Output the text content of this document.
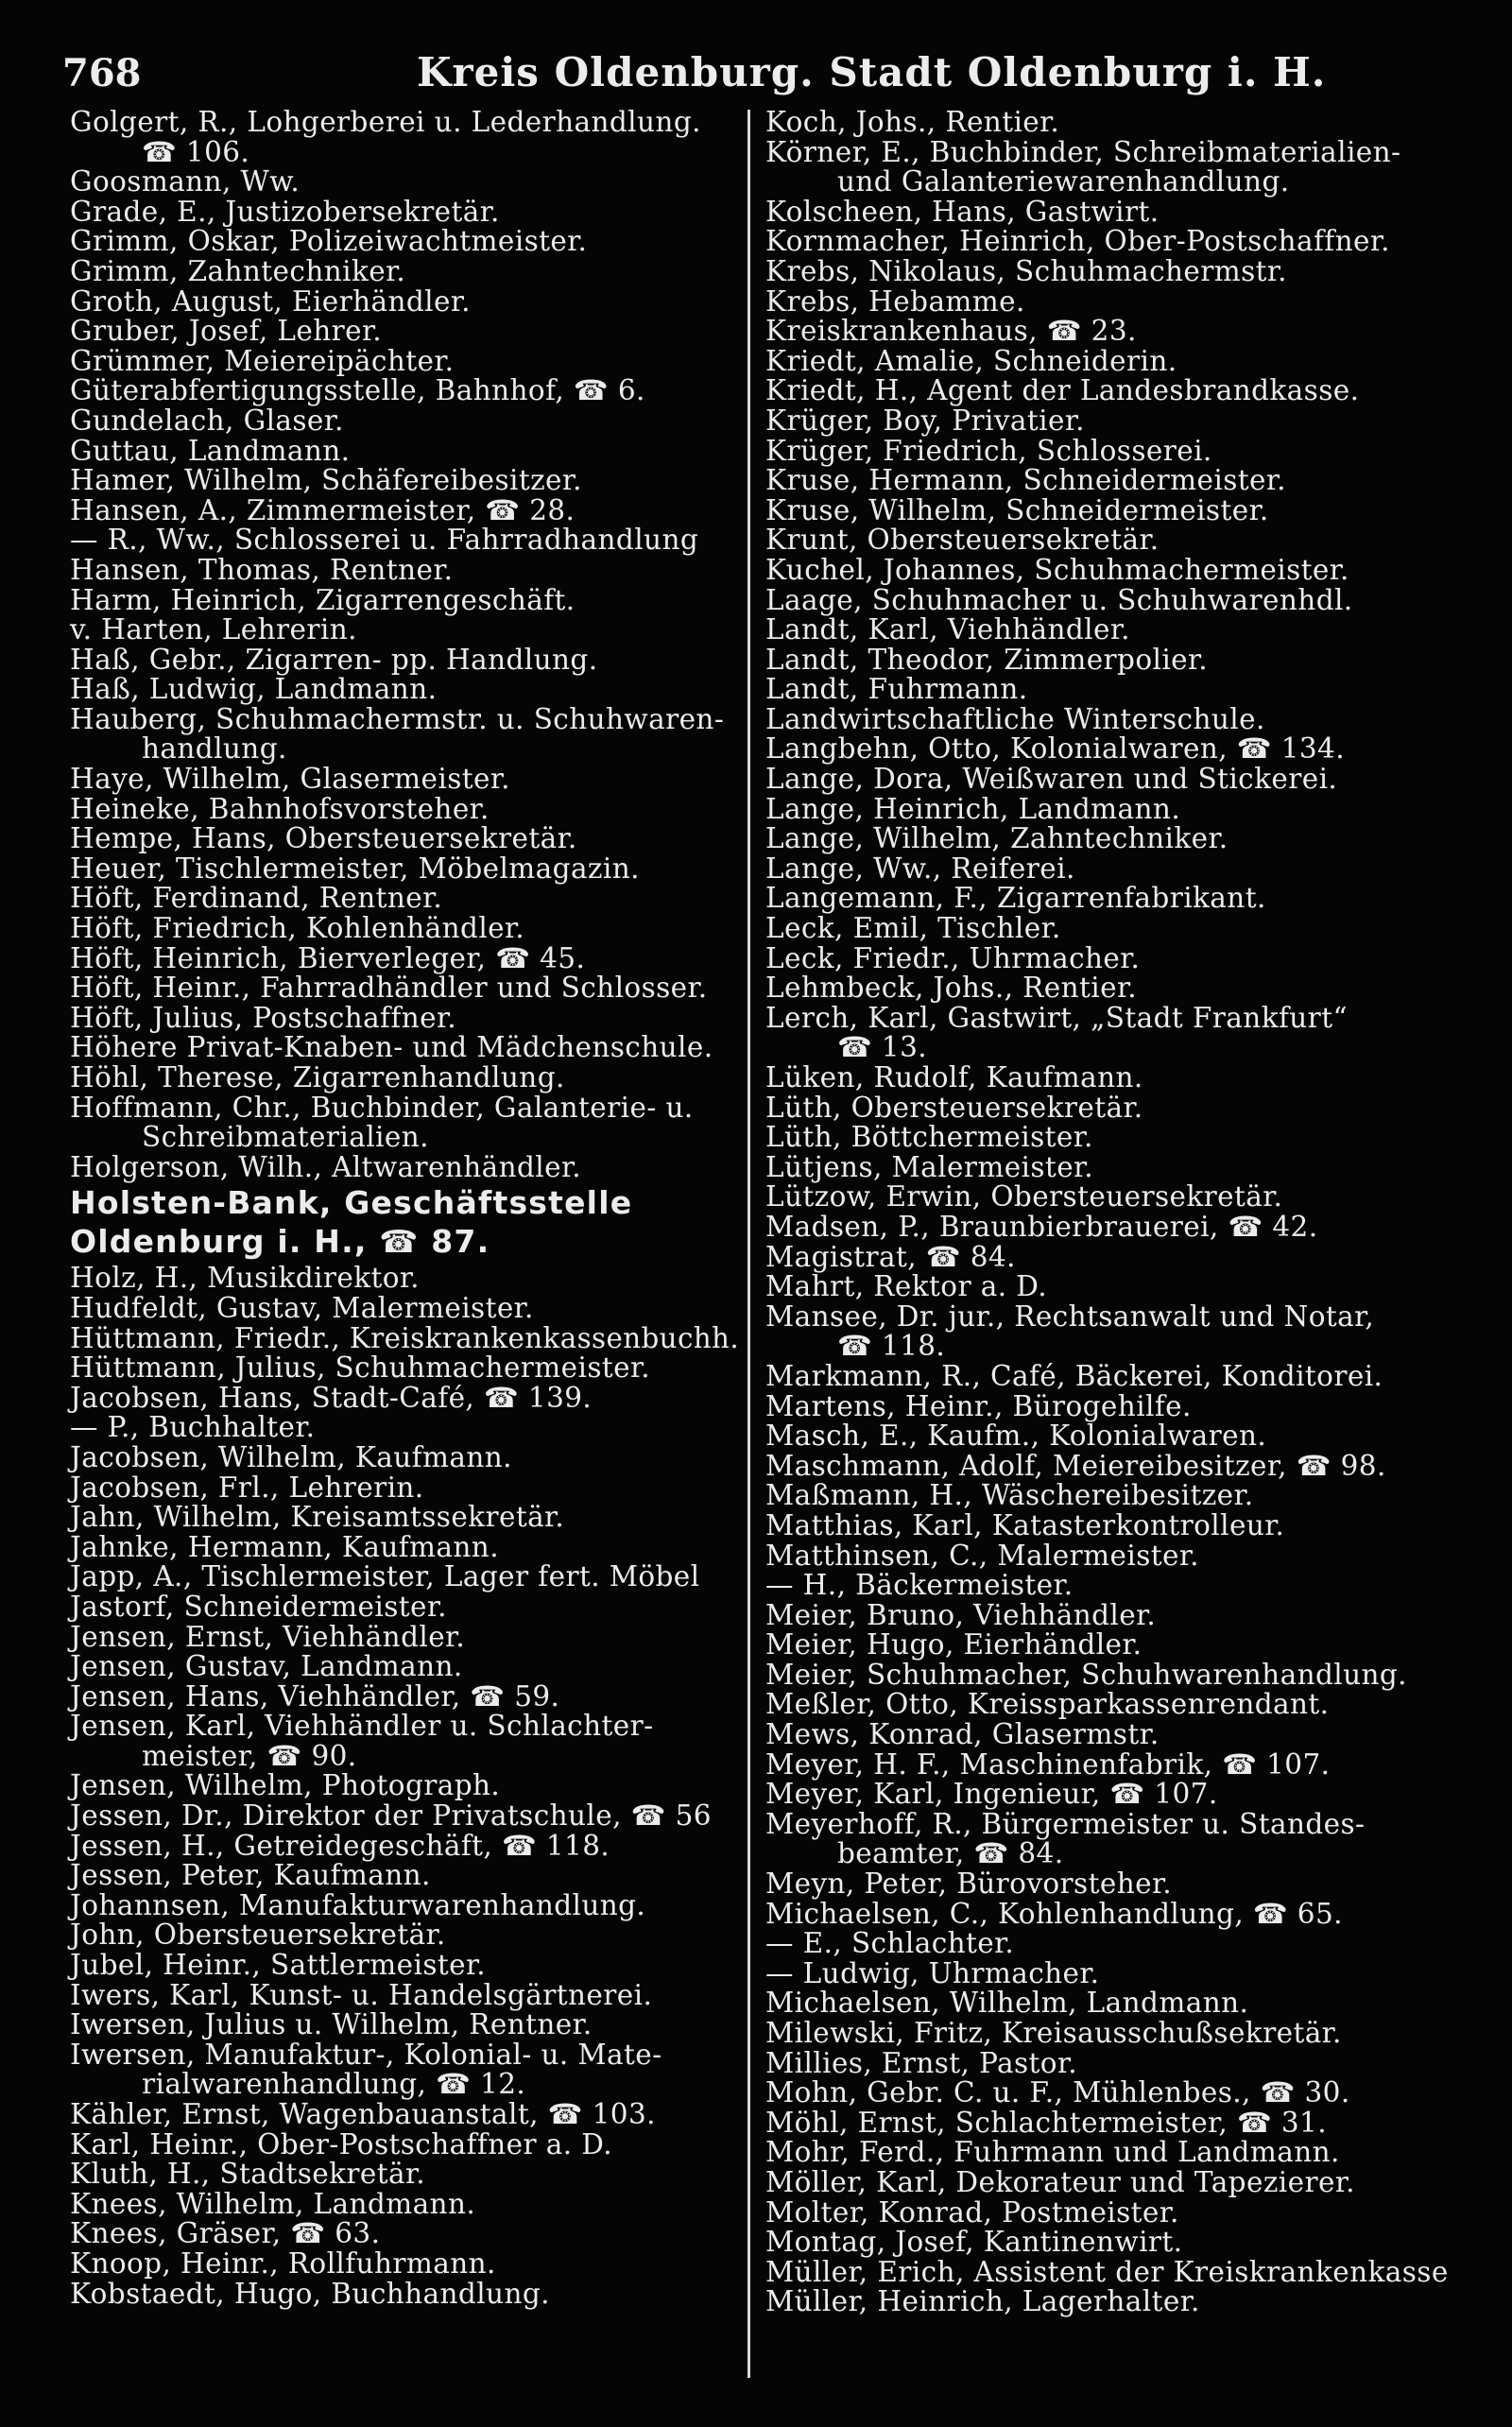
768	Kreis Oldenburg. Stadt Oldenburg i. H.
Golgert, R., Lohgerberei u. Lederhandlung.
☎ 106.
Goosmann, Ww.
Grade, E., Justizobersekretär.
Grimm, Oskar, Polizeiwachtmeister.
Grimm, Zahntechniker.
Groth, August, Eierhändler.
Gruber, Josef, Lehrer.
Grümmer, Meiereipächter.
Güterabfertigungsstelle, Bahnhof, ☎ 6.
Gundelach, Glaser.
Guttau, Landmann.
Hamer, Wilhelm, Schäfereibesitzer.
Hansen, A., Zimmermeister, ☎ 28.
— R., Ww., Schlosserei u. Fahrradhandlung
Hansen, Thomas, Rentner.
Harm, Heinrich, Zigarrengeschäft.
v. Harten, Lehrerin.
Haß, Gebr., Zigarren- pp. Handlung.
Haß, Ludwig, Landmann.
Hauberg, Schuhmachermstr. u. Schuhwaren-
handlung.
Haye, Wilhelm, Glasermeister.
Heineke, Bahnhofsvorsteher.
Hempe, Hans, Obersteuersekretär.
Heuer, Tischlermeister, Möbelmagazin.
Höft, Ferdinand, Rentner.
Höft, Friedrich, Kohlenhändler.
Höft, Heinrich, Bierverleger, ☎ 45.
Höft, Heinr., Fahrradhändler und Schlosser.
Höft, Julius, Postschaffner.
Höhere Privat-Knaben- und Mädchenschule.
Höhl, Therese, Zigarrenhandlung.
Hoffmann, Chr., Buchbinder, Galanterie- u.
Schreibmaterialien.
Holgerson, Wilh., Altwarenhändler.
Holsten-Bank, Geschäftsstelle
Oldenburg i. H., ☎ 87.
Holz, H., Musikdirektor.
Hudfeldt, Gustav, Malermeister.
Hüttmann, Friedr., Kreiskrankenkassenbuchh.
Hüttmann, Julius, Schuhmachermeister.
Jacobsen, Hans, Stadt-Café, ☎ 139.
— P., Buchhalter.
Jacobsen, Wilhelm, Kaufmann.
Jacobsen, Frl., Lehrerin.
Jahn, Wilhelm, Kreisamtssekretär.
Jahnke, Hermann, Kaufmann.
Japp, A., Tischlermeister, Lager fert. Möbel
Jastorf, Schneidermeister.
Jensen, Ernst, Viehhändler.
Jensen, Gustav, Landmann.
Jensen, Hans, Viehhändler, ☎ 59.
Jensen, Karl, Viehhändler u. Schlachter-
meister, ☎ 90.
Jensen, Wilhelm, Photograph.
Jessen, Dr., Direktor der Privatschule, ☎ 56
Jessen, H., Getreidegeschäft, ☎ 118.
Jessen, Peter, Kaufmann.
Johannsen, Manufakturwarenhandlung.
John, Obersteuersekretär.
Jubel, Heinr., Sattlermeister.
Iwers, Karl, Kunst- u. Handelsgärtnerei.
Iwersen, Julius u. Wilhelm, Rentner.
Iwersen, Manufaktur-, Kolonial- u. Mate-
rialwarenhandlung, ☎ 12.
Kähler, Ernst, Wagenbauanstalt, ☎ 103.
Karl, Heinr., Ober-Postschaffner a. D.
Kluth, H., Stadtsekretär.
Knees, Wilhelm, Landmann.
Knees, Gräser, ☎ 63.
Knoop, Heinr., Rollfuhrmann.
Kobstaedt, Hugo, Buchhandlung.
Koch, Johs., Rentier.
Körner, E., Buchbinder, Schreibmaterialien-
und Galanteriewarenhandlung.
Kolscheen, Hans, Gastwirt.
Kornmacher, Heinrich, Ober-Postschaffner.
Krebs, Nikolaus, Schuhmachermstr.
Krebs, Hebamme.
Kreiskrankenhaus, ☎ 23.
Kriedt, Amalie, Schneiderin.
Kriedt, H., Agent der Landesbrandkasse.
Krüger, Boy, Privatier.
Krüger, Friedrich, Schlosserei.
Kruse, Hermann, Schneidermeister.
Kruse, Wilhelm, Schneidermeister.
Krunt, Obersteuersekretär.
Kuchel, Johannes, Schuhmachermeister.
Laage, Schuhmacher u. Schuhwarenhdl.
Landt, Karl, Viehhändler.
Landt, Theodor, Zimmerpolier.
Landt, Fuhrmann.
Landwirtschaftliche Winterschule.
Langbehn, Otto, Kolonialwaren, ☎ 134.
Lange, Dora, Weißwaren und Stickerei.
Lange, Heinrich, Landmann.
Lange, Wilhelm, Zahntechniker.
Lange, Ww., Reiferei.
Langemann, F., Zigarrenfabrikant.
Leck, Emil, Tischler.
Leck, Friedr., Uhrmacher.
Lehmbeck, Johs., Rentier.
Lerch, Karl, Gastwirt, „Stadt Frankfurt“
☎ 13.
Lüken, Rudolf, Kaufmann.
Lüth, Obersteuersekretär.
Lüth, Böttchermeister.
Lütjens, Malermeister.
Lützow, Erwin, Obersteuersekretär.
Madsen, P., Braunbierbrauerei, ☎ 42.
Magistrat, ☎ 84.
Mahrt, Rektor a. D.
Mansee, Dr. jur., Rechtsanwalt und Notar,
☎ 118.
Markmann, R., Café, Bäckerei, Konditorei.
Martens, Heinr., Bürogehilfe.
Masch, E., Kaufm., Kolonialwaren.
Maschmann, Adolf, Meiereibesitzer, ☎ 98.
Maßmann, H., Wäschereibesitzer.
Matthias, Karl, Katasterkontrolleur.
Matthinsen, C., Malermeister.
— H., Bäckermeister.
Meier, Bruno, Viehhändler.
Meier, Hugo, Eierhändler.
Meier, Schuhmacher, Schuhwarenhandlung.
Meßler, Otto, Kreissparkassenrendant.
Mews, Konrad, Glasermstr.
Meyer, H. F., Maschinenfabrik, ☎ 107.
Meyer, Karl, Ingenieur, ☎ 107.
Meyerhoff, R., Bürgermeister u. Standes-
beamter, ☎ 84.
Meyn, Peter, Bürovorsteher.
Michaelsen, C., Kohlenhandlung, ☎ 65.
— E., Schlachter.
— Ludwig, Uhrmacher.
Michaelsen, Wilhelm, Landmann.
Milewski, Fritz, Kreisausschußsekretär.
Millies, Ernst, Pastor.
Mohn, Gebr. C. u. F., Mühlenbes., ☎ 30.
Möhl, Ernst, Schlachtermeister, ☎ 31.
Mohr, Ferd., Fuhrmann und Landmann.
Möller, Karl, Dekorateur und Tapezierer.
Molter, Konrad, Postmeister.
Montag, Josef, Kantinenwirt.
Müller, Erich, Assistent der Kreiskrankenkasse
Müller, Heinrich, Lagerhalter.
